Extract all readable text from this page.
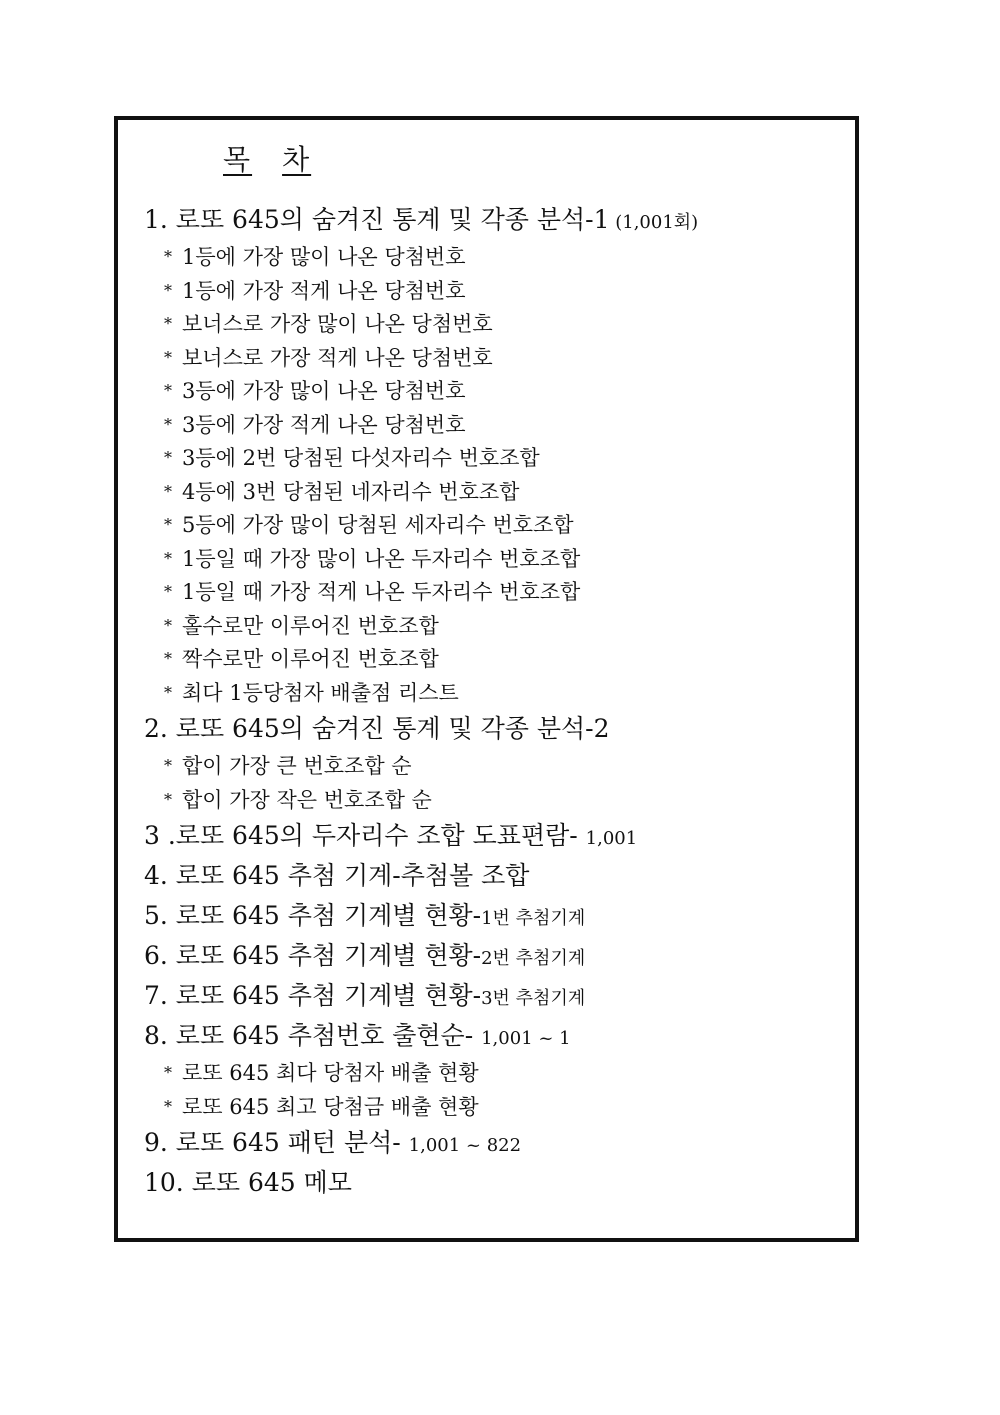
목 차
1. 로또 645의 숨겨진 통계 및 각종 분석-1 (1,001회)
* 1등에 가장 많이 나온 당첨번호
* 1등에 가장 적게 나온 당첨번호
* 보너스로 가장 많이 나온 당첨번호
* 보너스로 가장 적게 나온 당첨번호
* 3등에 가장 많이 나온 당첨번호
* 3등에 가장 적게 나온 당첨번호
* 3등에 2번 당첨된 다섯자리수 번호조합
* 4등에 3번 당첨된 네자리수 번호조합
* 5등에 가장 많이 당첨된 세자리수 번호조합
* 1등일 때 가장 많이 나온 두자리수 번호조합
* 1등일 때 가장 적게 나온 두자리수 번호조합
* 홀수로만 이루어진 번호조합
* 짝수로만 이루어진 번호조합
* 최다 1등당첨자 배출점 리스트
2. 로또 645의 숨겨진 통계 및 각종 분석-2
* 합이 가장 큰 번호조합 순
* 합이 가장 작은 번호조합 순
3 .로또 645의 두자리수 조합 도표편람- 1,001
4. 로또 645 추첨 기계-추첨볼 조합
5. 로또 645 추첨 기계별 현황-1번 추첨기계
6. 로또 645 추첨 기계별 현황-2번 추첨기계
7. 로또 645 추첨 기계별 현황-3번 추첨기계
8. 로또 645 추첨번호 출현순- 1,001 ~ 1
* 로또 645 최다 당첨자 배출 현황
* 로또 645 최고 당첨금 배출 현황
9. 로또 645 패턴 분석- 1,001 ~ 822
10. 로또 645 메모
